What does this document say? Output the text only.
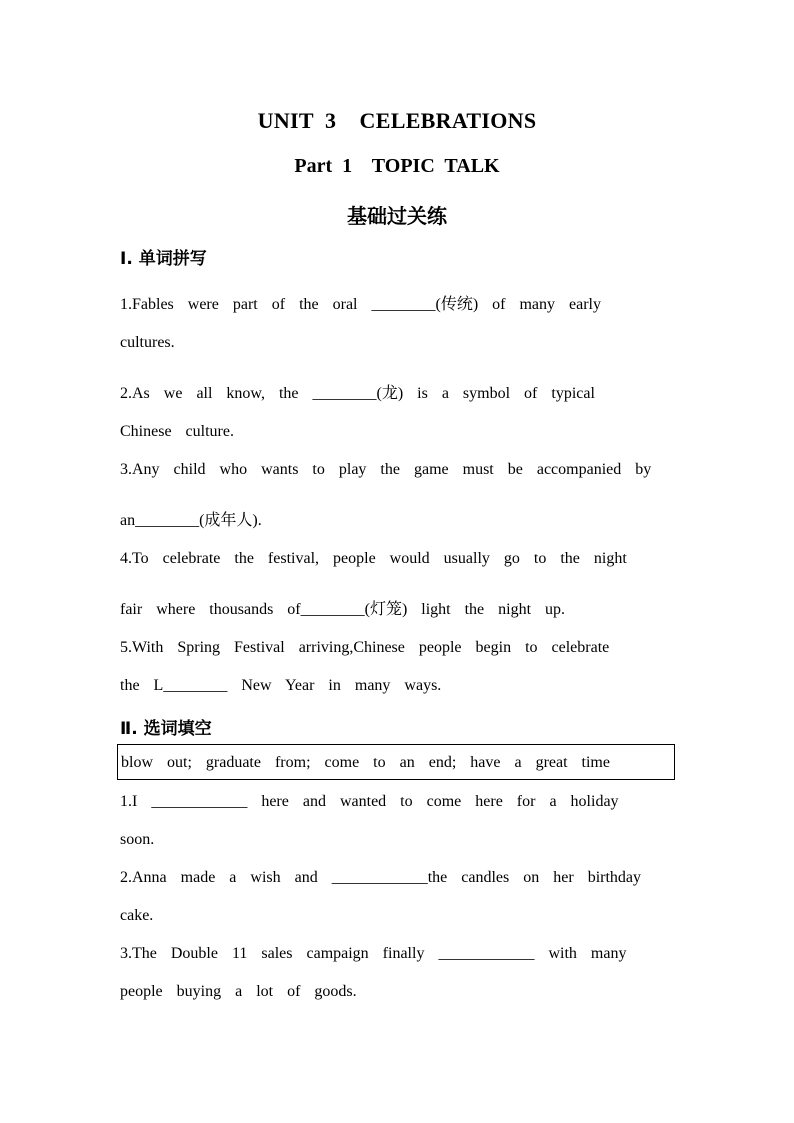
UNIT  3    CELEBRATIONS
Part  1    TOPIC  TALK
基础过关练
Ⅰ. 单词拼写
1.Fables  were  part  of  the  oral  ________(传统)  of  many  early
cultures.
2.As  we  all  know,  the  ________(龙)  is  a  symbol  of  typical
Chinese  culture.
3.Any  child  who  wants  to  play  the  game  must  be  accompanied  by
an________(成年人).
4.To  celebrate  the  festival,  people  would  usually  go  to  the  night
fair  where  thousands  of________(灯笼)  light  the  night  up.
5.With  Spring  Festival  arriving,Chinese  people  begin  to  celebrate
the  L________  New  Year  in  many  ways.
Ⅱ. 选词填空
blow  out;  graduate  from;  come  to  an  end;  have  a  great  time
1.I  ____________  here  and  wanted  to  come  here  for  a  holiday
soon.
2.Anna  made  a  wish  and  ____________the  candles  on  her  birthday
cake.
3.The  Double  11  sales  campaign  finally  ____________  with  many
people  buying  a  lot  of  goods.
